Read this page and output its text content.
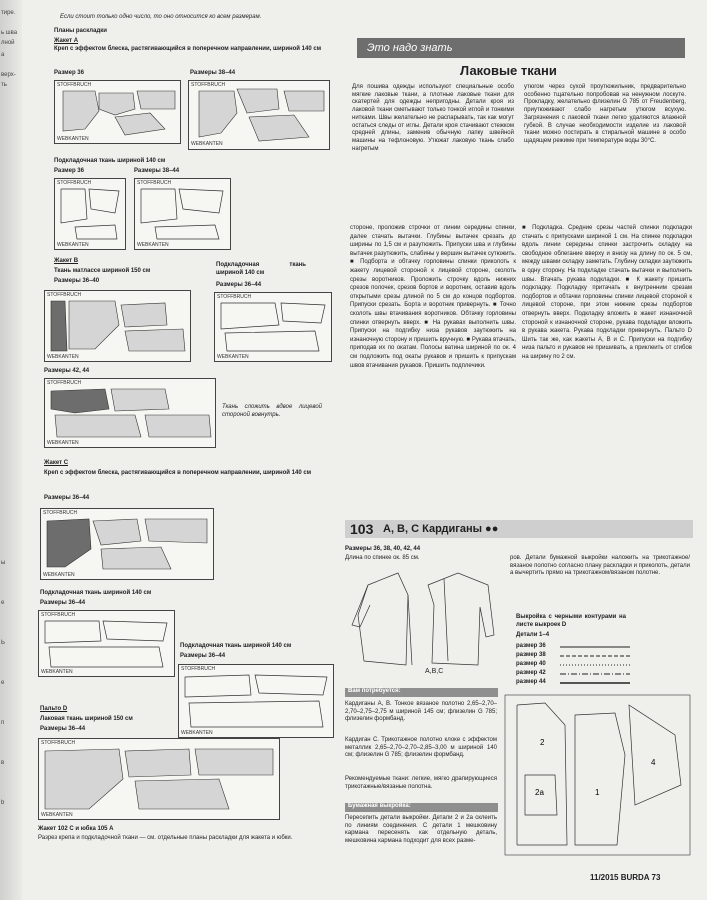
тире.
ь шва
лной
а
верх-
ть
ы
е
Ь
е
п
в
b
Если стоит только одно число, то оно относится ко всем размерам.
Планы раскладки
Жакет A
Креп с эффектом блеска, растягивающийся в поперечном направлении, шириной 140 см
Размер 36	Размеры 38–44
STOFFBRUCH
WEBKANTEN
STOFFBRUCH
WEBKANTEN
Подкладочная ткань шириной 140 см
Размер 36	Размеры 38–44
STOFFBRUCH
WEBKANTEN
STOFFBRUCH
WEBKANTEN
Жакет B
Ткань матлассе шириной 150 см
Размеры 36–40
Подкладочная ткань шириной 140 см
Размеры 36–44
STOFFBRUCH
WEBKANTEN
STOFFBRUCH
WEBKANTEN
Размеры 42, 44
STOFFBRUCH
WEBKANTEN
Ткань сложить вдвое лицевой стороной вовнутрь.
Жакет C
Креп с эффектом блеска, растягивающийся в поперечном направлении, шириной 140 см
Размеры 36–44
STOFFBRUCH
WEBKANTEN
Подкладочная ткань шириной 140 см
Размеры 36–44
STOFFBRUCH
WEBKANTEN
Подкладочная ткань шириной 140 см
Размеры 36–44
STOFFBRUCH
WEBKANTEN
Пальто D
Лаковая ткань шириной 150 см
Размеры 36–44
STOFFBRUCH
WEBKANTEN
Жакет 102 C и юбка 105 A
Разрез крепа и подкладочной ткани — см. отдельные планы раскладки для жакета и юбки.
Это надо знать
Лаковые ткани
Для пошива одежды используют специальные особо мягкие лаковые ткани, а плотные лаковые ткани для скатертей для одежды непригодны. Детали кроя из лаковой ткани сметывают только тонкой иглой и тонкими нитками. Швы желательно не распарывать, так как могут остаться следы от иглы. Детали кроя стачивают стежком средней длины, заменив обычную лапку швейной машины на тефлоновую. Утюжат лаковую ткань слабо нагретым
утюгом через сухой проутюжильник, предварительно особенно тщательно попробовав на ненужном лоскуте. Прокладку, желательно флизелин G 785 от Freudenberg, приутюживают слабо нагретым утюгом всухую. Загрязнения с лаковой ткани легко удаляются влажной губкой. В случае необходимости изделие из лаковой ткани можно постирать в стиральной машине в особо щадящем режиме при температуре воды 30°С.
стороне, проложив строчки от линии середины спинки, далее стачать вытачки. Глубины вытачек срезать до ширины по 1,5 см и разутюжить. Припуски шва и глубины вытачек разутюжить, слабины у вершин вытачек сутюжить. ■ Подборта и обтачку горловины спинки приколоть к жакету лицевой стороной к лицевой стороне, сколоть срезы воротников. Проложить строчку вдоль нижних срезов полочек, срезов бортов и воротник, оставив вдоль открытыми срезы длиной по 5 см до концов подбортов. Припуски срезать. Борта и воротник привернуть. ■ Точно сколоть швы втачивания воротников. Обтачку горловины спинки отвернуть вверх. ■ На рукавах выполнить швы. Припуски на подгибку низа рукавов заутюжить на изнаночную сторону и пришить вручную. ■ Рукава втачать, приподав их по окатам. Полосы ватина шириной по ок. 4 см подложить под окаты рукавов и пришить к припускам швов втачивания рукавов. Пришить подплечики.
■ Подкладка. Средние срезы частей спинки подкладки стачать с припусками шириной 1 см. На спинке подкладки вдоль линии середины спинки застрочить складку на свободное облегание вверху и внизу на длину по ок. 5 см, между швами складку заметать. Глубину складки заутюжить в одну сторону. На подкладке стачать вытачки и выполнить швы. Втачать рукава подкладки. ■ К жакету пришить подкладку. Подкладку притачать к внутренним срезам подбортов и обтачки горловины спинки лицевой стороной к лицевой стороне, при этом нижние срезы подбортов отвернуть вверх. Подкладку вложить в жакет изнаночной стороной к изнаночной стороне, рукава подкладки вложить в рукава жакета. Рукава подкладки привернуть. Пальто D Шить так же, как жакеты A, B и C. Припуски на подгибку низа пальто и рукавов не пришивать, а приклеить от сгибов на ширину по 2 см.
103 A, B, C Кардиганы ●●
Размеры 36, 38, 40, 42, 44
Длина по спинке ок. 85 см.
A,B,C
ров. Детали бумажной выкройки наложить на трикотажное/вязаное полотно согласно плану раскладки и приколоть, детали а вычертить прямо на трикотажном/вязаном полотне.
Выкройка с черными контурами на листе выкроек D
Детали 1–4
размер 36
размер 38
размер 40
размер 42
размер 44
2a	1
4
2
Вам потребуется:
Кардиганы A, B. Тонкое вязаное полотно 2,65–2,70–2,70–2,75–2,75 м шириной 145 см; флизелин G 785; флизелин формбанд.
Кардиган C. Трикотажное полотно клоке с эффектом металлик 2,65–2,70–2,70–2,85–3,00 м шириной 140 см; флизелин G 785; флизелин формбанд.
Рекомендуемые ткани: легкие, мягко драпирующиеся трикотажные/вязаные полотна.
Бумажная выкройка:
Пересепить детали выкройки. Детали 2 и 2а склеить по линиям соединения. С детали 1 мешковину кармана пересенять как отдельную деталь, мешковина кармана подходит для всех разме-
11/2015 BURDA 73
